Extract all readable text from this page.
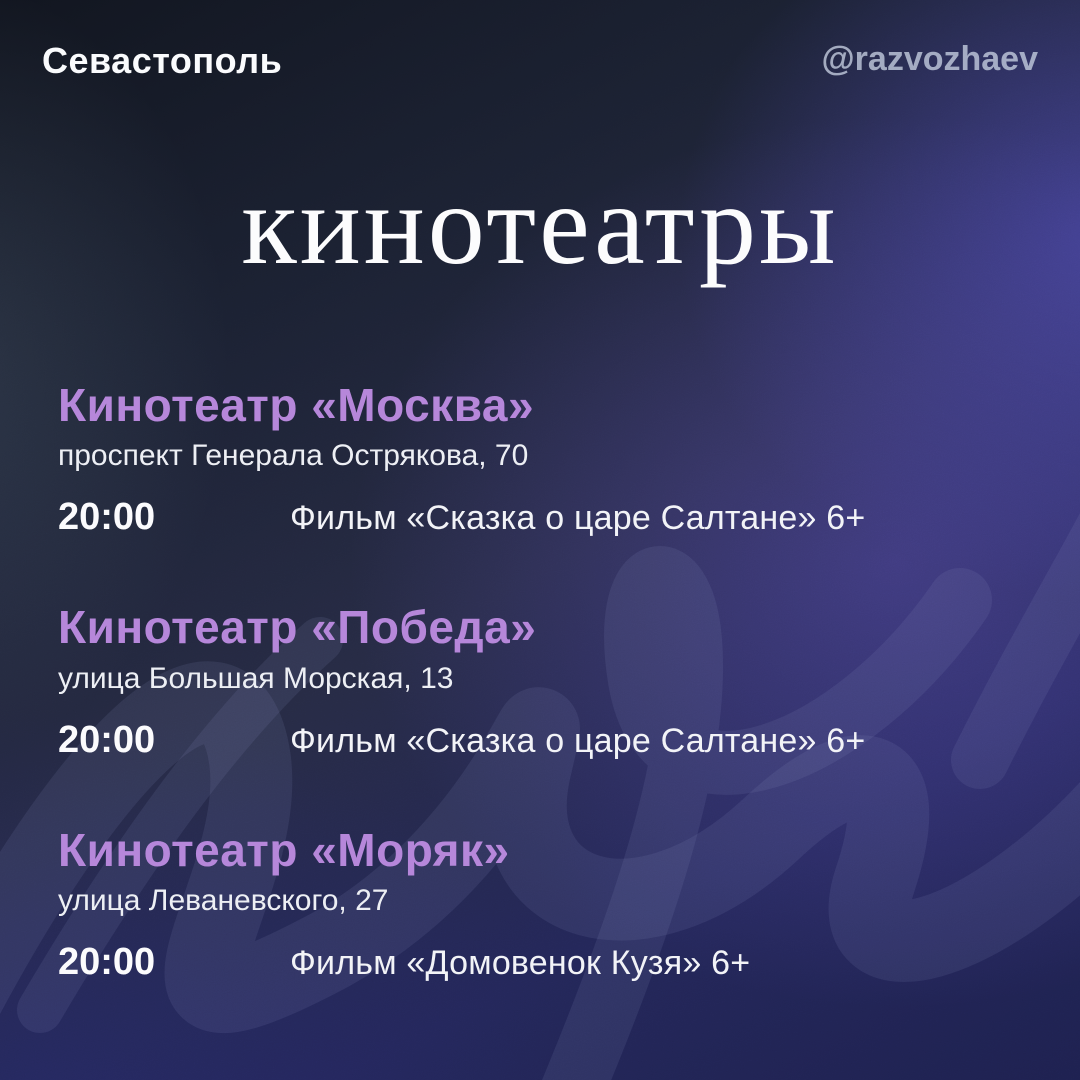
Севастополь	@razvozhaev
кинотеатры
Кинотеатр «Москва»
проспект Генерала Острякова, 70
20:00	Фильм «Сказка о царе Салтане» 6+
Кинотеатр «Победа»
улица Большая Морская, 13
20:00	Фильм «Сказка о царе Салтане» 6+
Кинотеатр «Моряк»
улица Леваневского, 27
20:00	Фильм «Домовенок Кузя» 6+
